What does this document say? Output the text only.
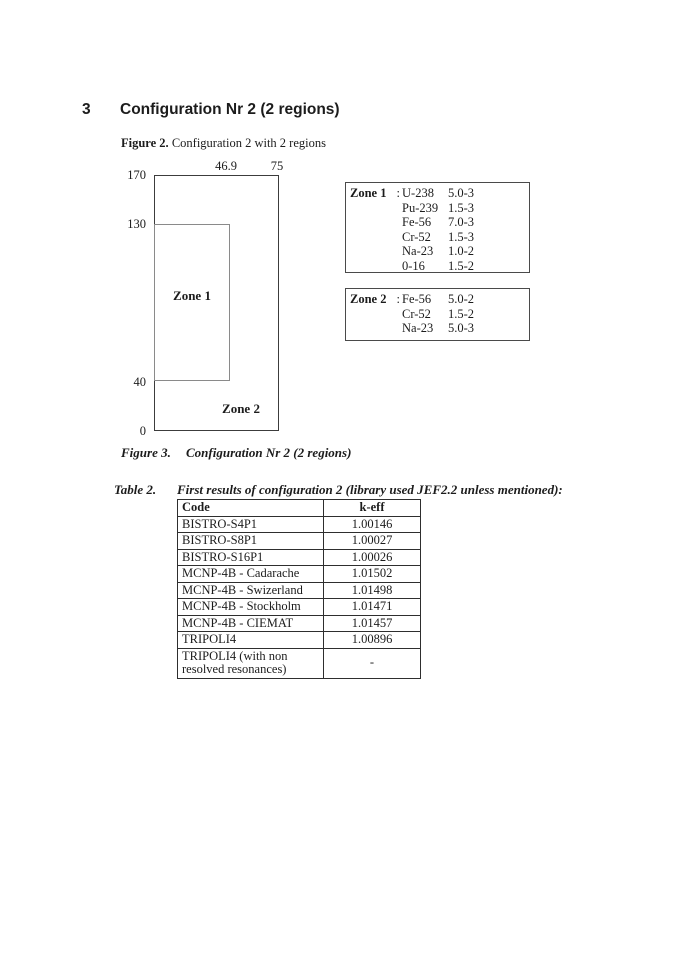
3 Configuration Nr 2 (2 regions)
Figure 2. Configuration 2 with 2 regions
170
130
40
0
46.9	75
Zone 1
Zone 2
Zone 1 : U-238	5.0-3
Pu-239 1.5-3
Fe-56	7.0-3
Cr-52	1.5-3
Na-23	1.0-2
0-16	1.5-2
Zone 2 : Fe-56	5.0-2
Cr-52	1.5-2
Na-23	5.0-3
Figure 3. Configuration Nr 2 (2 regions)
Table 2. First results of configuration 2 (library used JEF2.2 unless mentioned):
Code	k-eff
BISTRO-S4P1	1.00146
BISTRO-S8P1	1.00027
BISTRO-S16P1	1.00026
MCNP-4B - Cadarache	1.01502
MCNP-4B - Swizerland	1.01498
MCNP-4B - Stockholm	1.01471
MCNP-4B - CIEMAT	1.01457
TRIPOLI4	1.00896
TRIPOLI4 (with non resolved resonances)	-
